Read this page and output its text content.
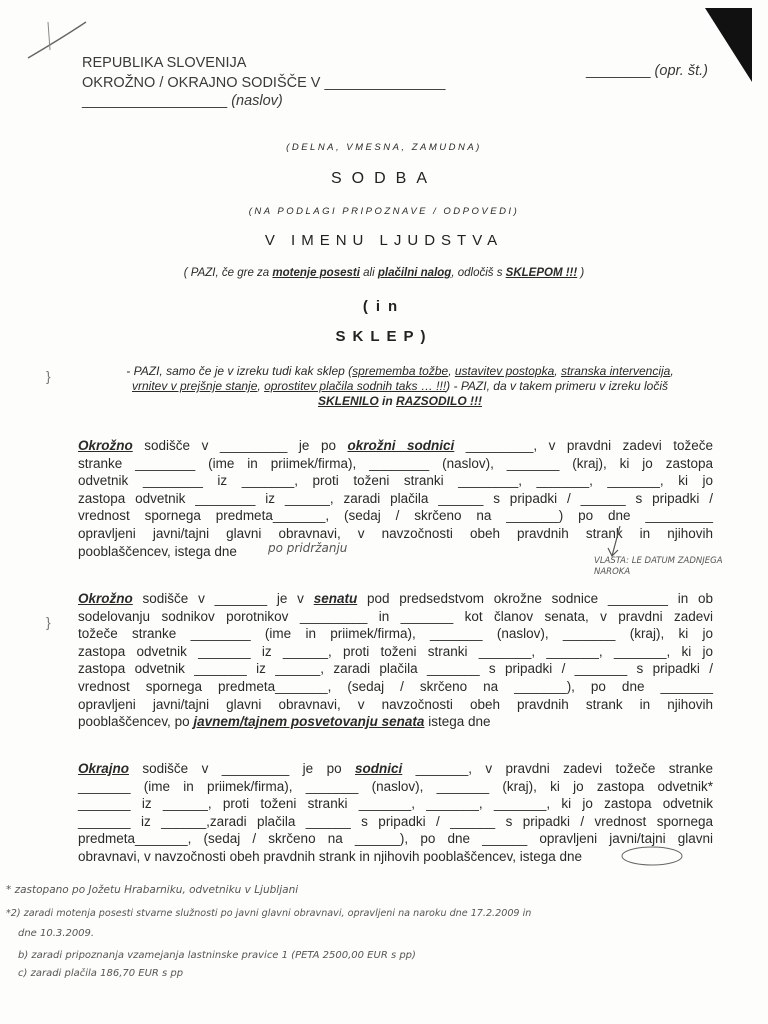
REPUBLIKA SLOVENIJA
OKROŽNO / OKRAJNO SODIŠČE V _______________
__________________ (naslov)
________ (opr. št.)
(DELNA, VMESNA, ZAMUDNA)
SODBA
(NA PODLAGI PRIPOZNAVE / ODPOVEDI)
V IMENU LJUDSTVA
( PAZI, če gre za motenje posesti ali plačilni nalog, odločiš s SKLEPOM !!! )
(in
SKLEP)
- PAZI, samo če je v izreku tudi kak sklep (sprememba tožbe, ustavitev postopka, stranska intervencija,
vrnitev v prejšnje stanje, oprostitev plačila sodnih taks … !!!) - PAZI, da v takem primeru v izreku ločiš
SKLENILO in RAZSODILO !!!
}
}
Okrožno sodišče v _________ je po okrožni sodnici _________, v pravdni zadevi tožeče
stranke ________ (ime in priimek/firma), ________ (naslov), _______ (kraj), ki jo zastopa
odvetnik ________ iz _______, proti toženi stranki ________, _______, _______, ki jo
zastopa odvetnik ________ iz ______, zaradi plačila ______ s pripadki / ______ s pripadki /
vrednost spornega predmeta_______, (sedaj / skrčeno na _______) po dne _________
opravljeni javni/tajni glavni obravnavi, v navzočnosti obeh pravdnih strank in njihovih
pooblaščencev, istega dne	po pridržanju
VLASTA: LE DATUM ZADNJEGA NAROKA
Okrožno sodišče v _______ je v senatu pod predsedstvom okrožne sodnice ________ in ob
sodelovanju sodnikov porotnikov _________ in _______ kot članov senata, v pravdni zadevi
tožeče stranke ________ (ime in priimek/firma), _______ (naslov), _______ (kraj), ki jo
zastopa odvetnik _______ iz ______, proti toženi stranki _______, _______, _______, ki jo
zastopa odvetnik _______ iz ______, zaradi plačila _______ s pripadki / _______ s pripadki /
vrednost spornega predmeta_______, (sedaj / skrčeno na _______), po dne _______
opravljeni javni/tajni glavni obravnavi, v navzočnosti obeh pravdnih strank in njihovih
pooblaščencev, po javnem/tajnem posvetovanju senata istega dne
Okrajno sodišče v _________ je po sodnici _______, v pravdni zadevi tožeče stranke
_______ (ime in priimek/firma), _______ (naslov), _______ (kraj), ki jo zastopa odvetnik*
_______ iz ______, proti toženi stranki _______, _______, _______, ki jo zastopa odvetnik
_______ iz ______,zaradi plačila ______ s pripadki / ______ s pripadki / vrednost spornega
predmeta_______, (sedaj / skrčeno na ______), po dne ______ opravljeni javni/tajni glavni
obravnavi, v navzočnosti obeh pravdnih strank in njihovih pooblaščencev, istega dne
* zastopano po Jožetu Hrabarniku, odvetniku v Ljubljani
*2) zaradi motenja posesti stvarne služnosti po javni glavni obravnavi, opravljeni na naroku dne 17.2.2009 in
dne 10.3.2009.
b) zaradi pripoznanja vzamejanja lastninske pravice 1 (PETA 2500,00 EUR s pp)
c) zaradi plačila 186,70 EUR s pp
